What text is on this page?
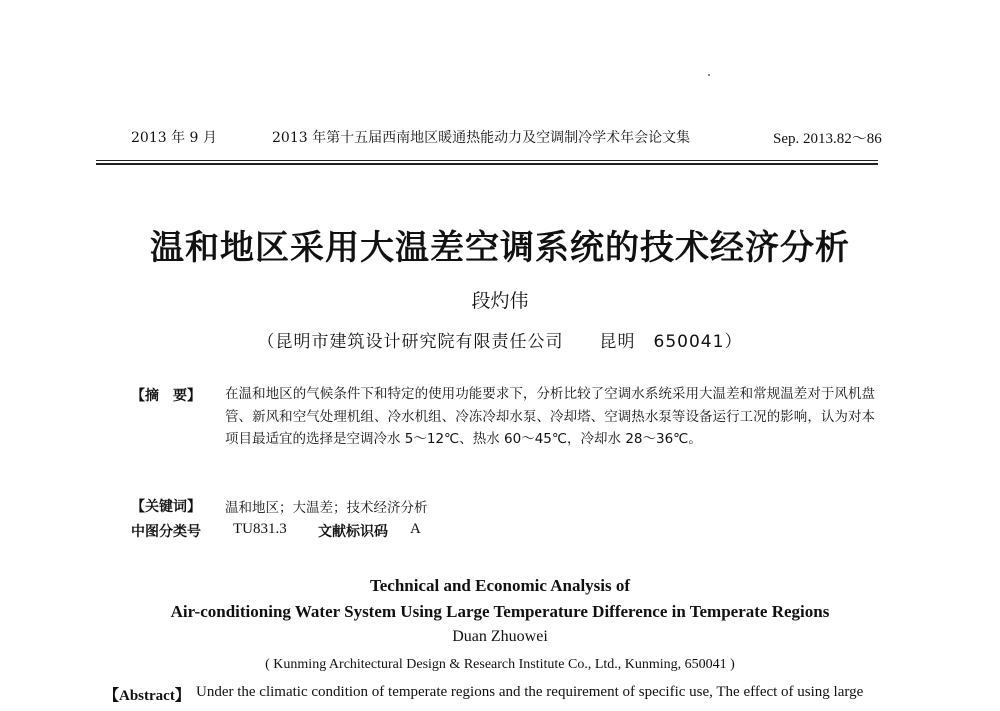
2013 年 9 月	2013 年第十五届西南地区暖通热能动力及空调制冷学术年会论文集	Sep. 2013.82～86
温和地区采用大温差空调系统的技术经济分析
段灼伟
（昆明市建筑设计研究院有限责任公司　　昆明　650041）
【摘　要】 在温和地区的气候条件下和特定的使用功能要求下，分析比较了空调水系统采用大温差和常规温差对于风机盘管、新风和空气处理机组、冷水机组、冷冻冷却水泵、冷却塔、空调热水泵等设备运行工况的影响，认为对本项目最适宜的选择是空调冷水 5～12℃、热水 60～45℃，冷却水 28～36℃。
【关键词】 温和地区；大温差；技术经济分析
中图分类号 TU831.3 文献标识码 A
Technical and Economic Analysis of
Air-conditioning Water System Using Large Temperature Difference in Temperate Regions
Duan Zhuowei
( Kunming Architectural Design & Research Institute Co., Ltd., Kunming, 650041 )
【Abstract】 Under the climatic condition of temperate regions and the requirement of specific use, The effect of using large
